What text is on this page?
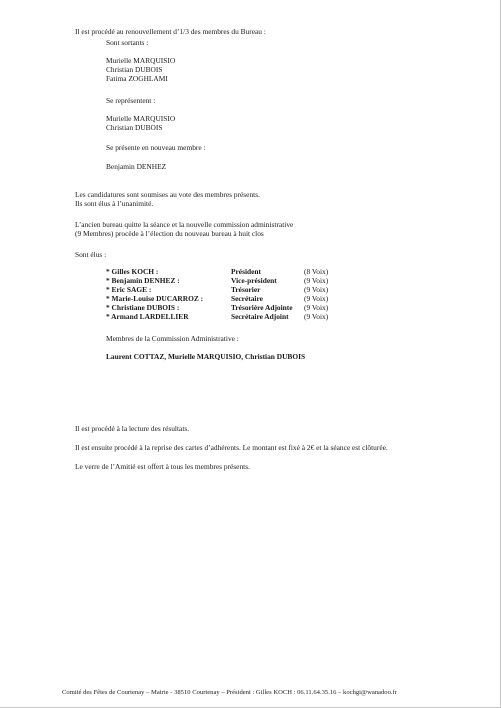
Il est procédé au renouvellement d’1/3 des membres du Bureau :
Sont sortants :
Murielle MARQUISIO
Christian DUBOIS
Fatima ZOGHLAMI
Se représentent :
Murielle MARQUISIO
Christian DUBOIS
Se présente en nouveau membre :
Benjamin DENHEZ
Les candidatures sont soumises au vote des membres présents.
Ils sont élus à l’unanimité.
L’ancien bureau quitte la séance et la nouvelle commission administrative
(9 Membres) procède à l’élection du nouveau bureau à huit clos
Sont élus :
* Gilles KOCH :	Président	(8 Voix)
* Benjamin DENHEZ :	Vice-président	(9 Voix)
* Eric SAGE :	Trésorier	(9 Voix)
* Marie-Louise DUCARROZ :	Secrétaire	(9 Voix)
* Christiane DUBOIS :	Trésorière Adjointe (9 Voix)
* Armand LARDELLIER	Secrétaire Adjoint (9 Voix)
Membres de la Commission Administrative :
Laurent COTTAZ, Murielle MARQUISIO, Christian DUBOIS
Il est procédé à la lecture des résultats.
Il est ensuite procédé à la reprise des cartes d’adhérents. Le montant est fixé à 2€ et la séance est clôturée.
Le verre de l’Amitié est offert à tous les membres présents.
Comité des Fêtes de Courtenay – Mairie - 38510 Courtenay – Président : Gilles KOCH : 06.11.64.35.16 – kochgi@wanadoo.fr
